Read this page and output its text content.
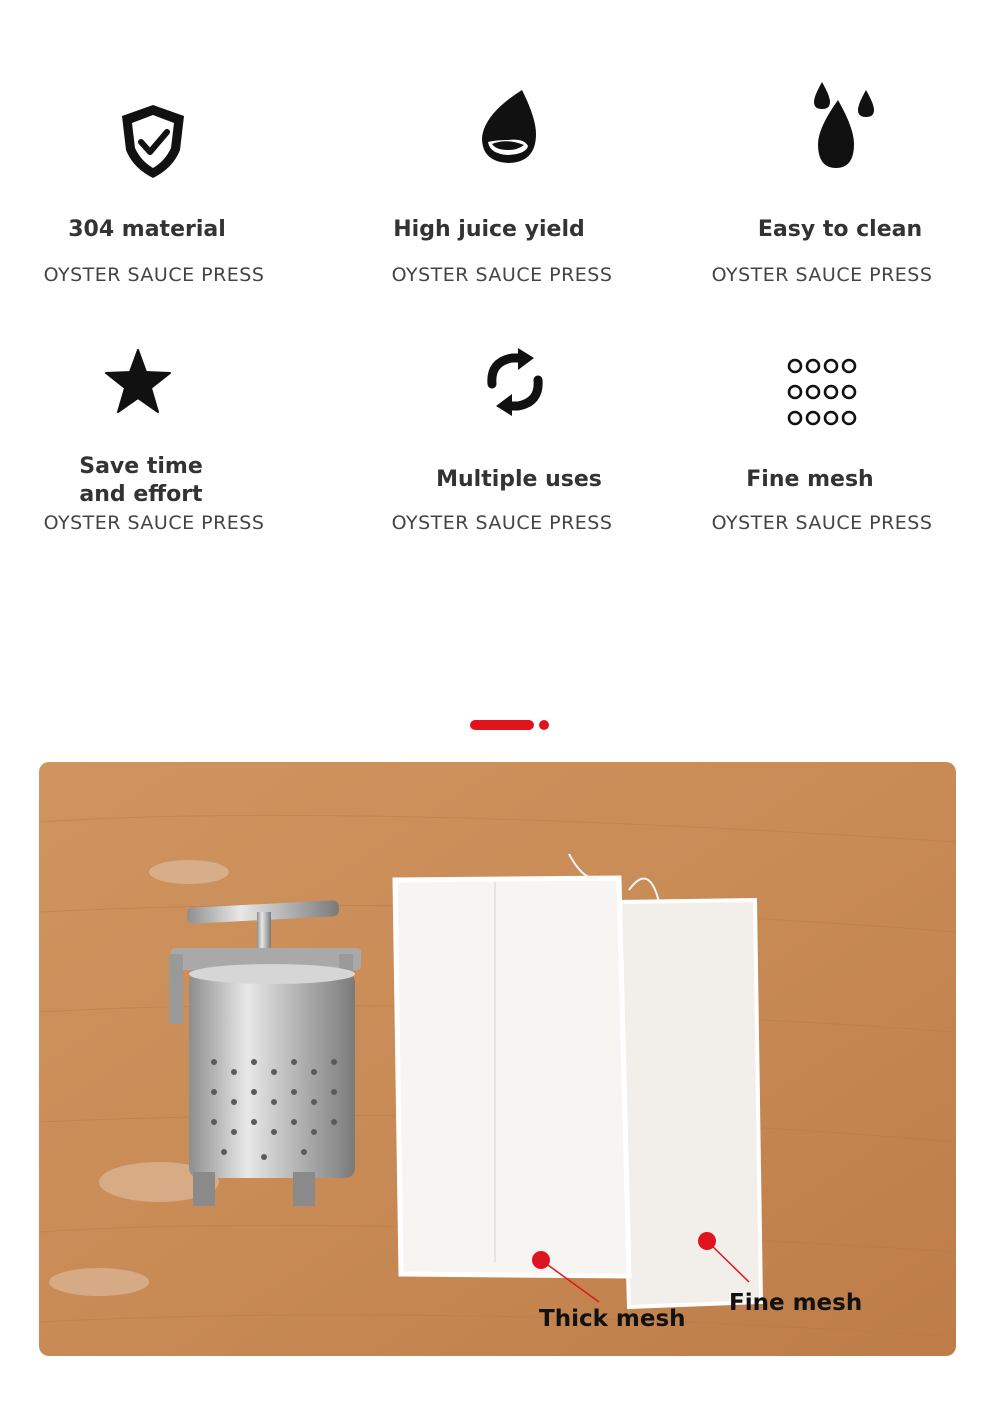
304 material
OYSTER SAUCE PRESS
High juice yield
OYSTER SAUCE PRESS
Easy to clean
OYSTER SAUCE PRESS
Save time
and effort
OYSTER SAUCE PRESS
Multiple uses
OYSTER SAUCE PRESS
Fine mesh
OYSTER SAUCE PRESS
Thick mesh
Fine mesh
